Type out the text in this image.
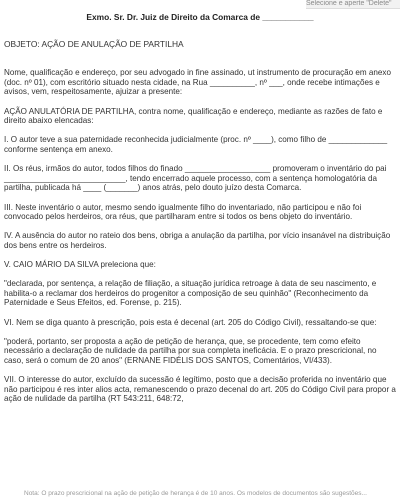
Selecione e aperte "Delete"

Exmo. Sr. Dr. Juiz de Direito da Comarca de ___________

OBJETO: AÇÃO DE ANULAÇÃO DE PARTILHA

Nome, qualificação e endereço, por seu advogado in fine assinado, ut instrumento de procuração em anexo (doc. nº 01), com escritório situado nesta cidade, na Rua __________, nº ___, onde recebe intimações e avisos, vem, respeitosamente, ajuizar a presente:

AÇÃO ANULATÓRIA DE PARTILHA, contra nome, qualificação e endereço, mediante as razões de fato e direito abaixo elencadas:

I. O autor teve a sua paternidade reconhecida judicialmente (proc. nº ____), como filho de _____________ conforme sentença em anexo.

II. Os réus, irmãos do autor, todos filhos do finado ___________________ promoveram o inventário do pai ___________________________, tendo encerrado aquele processo, com a sentença homologatória da partilha, publicada há ____ (_______) anos atrás, pelo douto juízo desta Comarca.

III. Neste inventário o autor, mesmo sendo igualmente filho do inventariado, não participou e não foi convocado pelos herdeiros, ora réus, que partilharam entre si todos os bens objeto do inventário.

IV. A ausência do autor no rateio dos bens, obriga a anulação da partilha, por vício insanável na distribuição dos bens entre os herdeiros.

V. CAIO MÁRIO DA SILVA preleciona que:

"declarada, por sentença, a relação de filiação, a situação jurídica retroage à data de seu nascimento, e habilita-o a reclamar dos herdeiros do progenitor a composição de seu quinhão" (Reconhecimento da Paternidade e Seus Efeitos, ed. Forense, p. 215).

VI. Nem se diga quanto à prescrição, pois esta é decenal (art. 205 do Código Civil), ressaltando-se que:

"poderá, portanto, ser proposta a ação de petição de herança, que, se procedente, tem como efeito necessário a declaração de nulidade da partilha por sua completa ineficácia. E o prazo prescricional, no caso, será o comum de 20 anos" (ERNANE FIDÉLIS DOS SANTOS, Comentários, VI/433).

VII. O interesse do autor, excluído da sucessão é legítimo, posto que a decisão proferida no inventário que não participou é res inter alios acta, remanescendo o prazo decenal do art. 205 do Código Civil para propor a ação de nulidade da partilha (RT 543:211, 648:72,

Nota: O prazo prescricional na ação de petição de herança é de 10 anos. Os modelos de documentos são sugestões...
